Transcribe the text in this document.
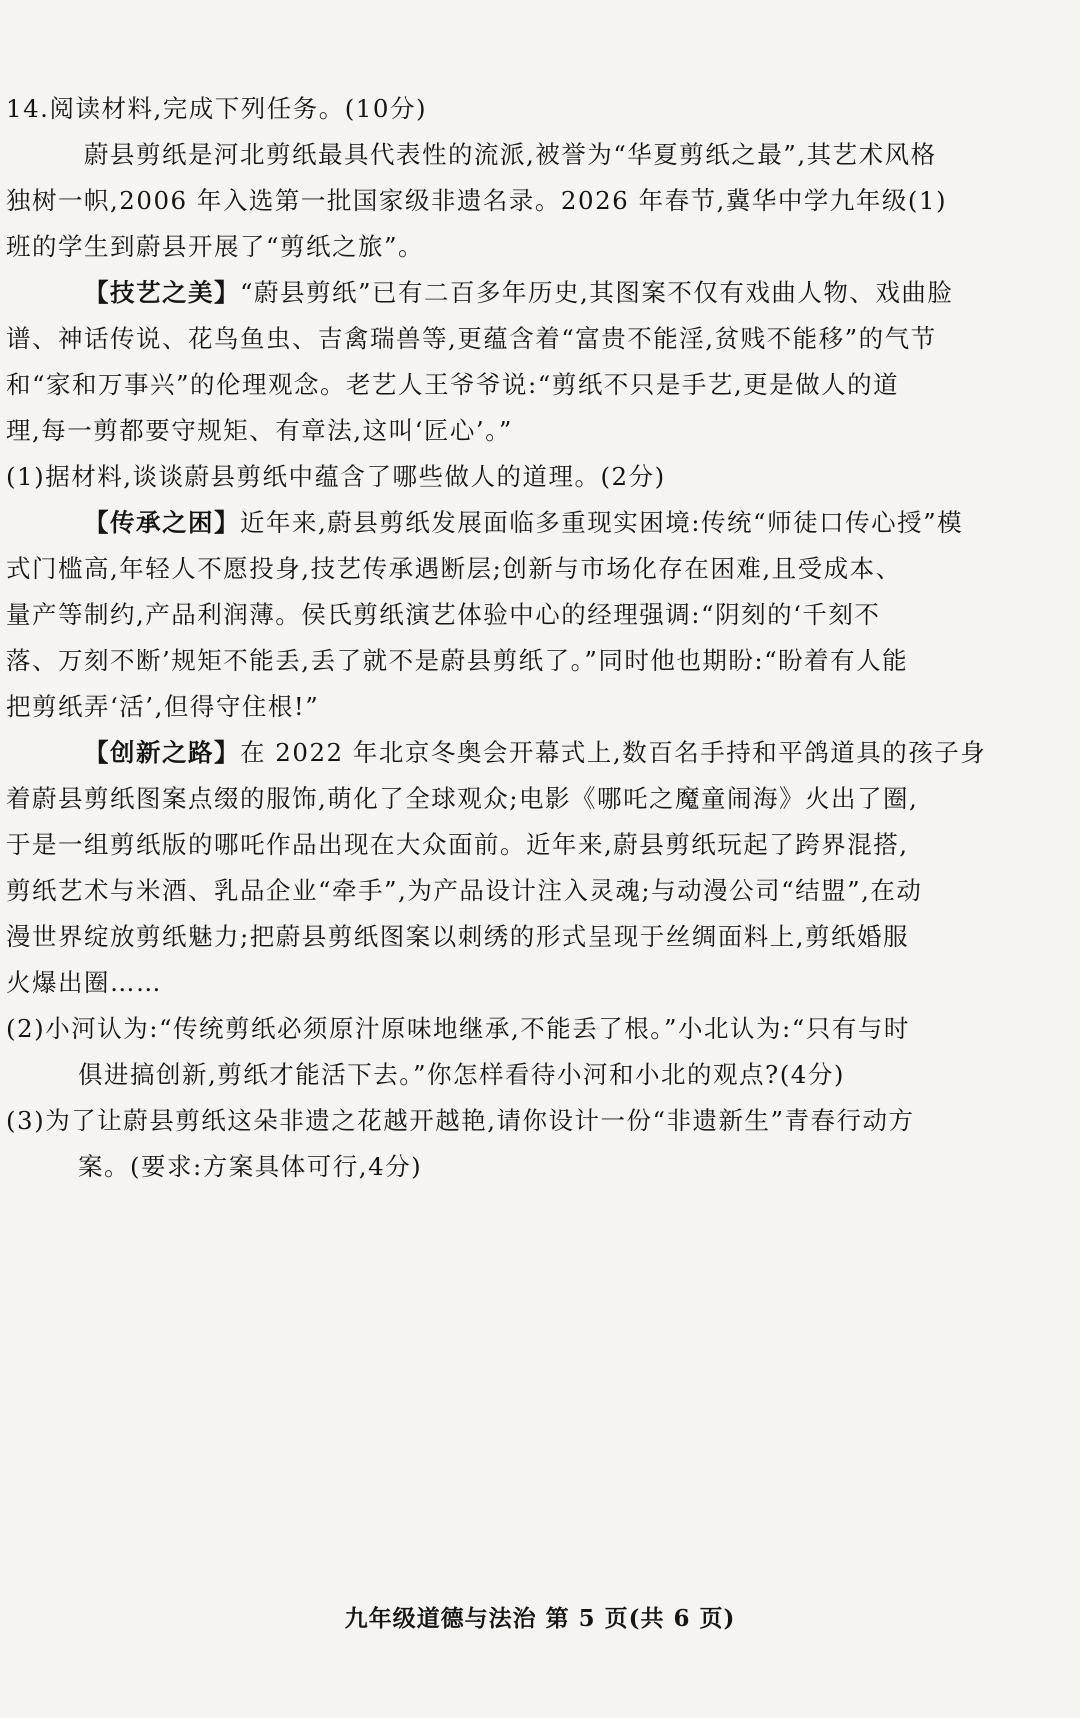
14.阅读材料,完成下列任务。(10分)
蔚县剪纸是河北剪纸最具代表性的流派,被誉为“华夏剪纸之最”,其艺术风格
独树一帜,2006 年入选第一批国家级非遗名录。2026 年春节,冀华中学九年级(1)
班的学生到蔚县开展了“剪纸之旅”。
【技艺之美】“蔚县剪纸”已有二百多年历史,其图案不仅有戏曲人物、戏曲脸
谱、神话传说、花鸟鱼虫、吉禽瑞兽等,更蕴含着“富贵不能淫,贫贱不能移”的气节
和“家和万事兴”的伦理观念。老艺人王爷爷说:“剪纸不只是手艺,更是做人的道
理,每一剪都要守规矩、有章法,这叫‘匠心’。”
(1)据材料,谈谈蔚县剪纸中蕴含了哪些做人的道理。(2分)
【传承之困】近年来,蔚县剪纸发展面临多重现实困境:传统“师徒口传心授”模
式门槛高,年轻人不愿投身,技艺传承遇断层;创新与市场化存在困难,且受成本、
量产等制约,产品利润薄。侯氏剪纸演艺体验中心的经理强调:“阴刻的‘千刻不
落、万刻不断’规矩不能丢,丢了就不是蔚县剪纸了。”同时他也期盼:“盼着有人能
把剪纸弄‘活’,但得守住根!”
【创新之路】在 2022 年北京冬奥会开幕式上,数百名手持和平鸽道具的孩子身
着蔚县剪纸图案点缀的服饰,萌化了全球观众;电影《哪吒之魔童闹海》火出了圈,
于是一组剪纸版的哪吒作品出现在大众面前。近年来,蔚县剪纸玩起了跨界混搭,
剪纸艺术与米酒、乳品企业“牵手”,为产品设计注入灵魂;与动漫公司“结盟”,在动
漫世界绽放剪纸魅力;把蔚县剪纸图案以刺绣的形式呈现于丝绸面料上,剪纸婚服
火爆出圈……
(2)小河认为:“传统剪纸必须原汁原味地继承,不能丢了根。”小北认为:“只有与时
俱进搞创新,剪纸才能活下去。”你怎样看待小河和小北的观点?(4分)
(3)为了让蔚县剪纸这朵非遗之花越开越艳,请你设计一份“非遗新生”青春行动方
案。(要求:方案具体可行,4分)
九年级道德与法治 第 5 页(共 6 页)
